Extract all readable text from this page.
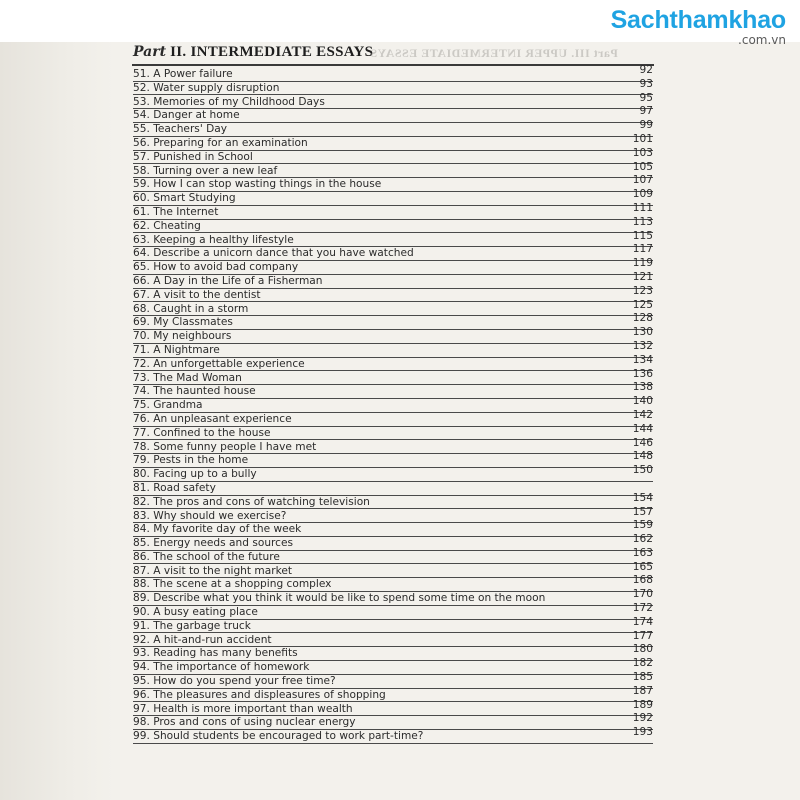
Sachthamkhao
.com.vn
Part II. INTERMEDIATE ESSAYS
Part III. UPPER INTERMEDIATE ESSAYS
51. A Power failure	92
52. Water supply disruption	93
53. Memories of my Childhood Days	95
54. Danger at home	97
55. Teachers' Day	99
56. Preparing for an examination	101
57. Punished in School	103
58. Turning over a new leaf	105
59. How I can stop wasting things in the house	107
60. Smart Studying	109
61. The Internet	111
62. Cheating	113
63. Keeping a healthy lifestyle	115
64. Describe a unicorn dance that you have watched	117
65. How to avoid bad company	119
66. A Day in the Life of a Fisherman	121
67. A visit to the dentist	123
68. Caught in a storm	125
69. My Classmates	128
70. My neighbours	130
71. A Nightmare	132
72. An unforgettable experience	134
73. The Mad Woman	136
74. The haunted house	138
75. Grandma	140
76. An unpleasant experience	142
77. Confined to the house	144
78. Some funny people I have met	146
79. Pests in the home	148
80. Facing up to a bully	150
81. Road safety
82. The pros and cons of watching television	154
83. Why should we exercise?	157
84. My favorite day of the week	159
85. Energy needs and sources	162
86. The school of the future	163
87. A visit to the night market	165
88. The scene at a shopping complex	168
89. Describe what you think it would be like to spend some time on the moon	170
90. A busy eating place	172
91. The garbage truck	174
92. A hit-and-run accident	177
93. Reading has many benefits	180
94. The importance of homework	182
95. How do you spend your free time?	185
96. The pleasures and displeasures of shopping	187
97. Health is more important than wealth	189
98. Pros and cons of using nuclear energy	192
99. Should students be encouraged to work part-time?	193
